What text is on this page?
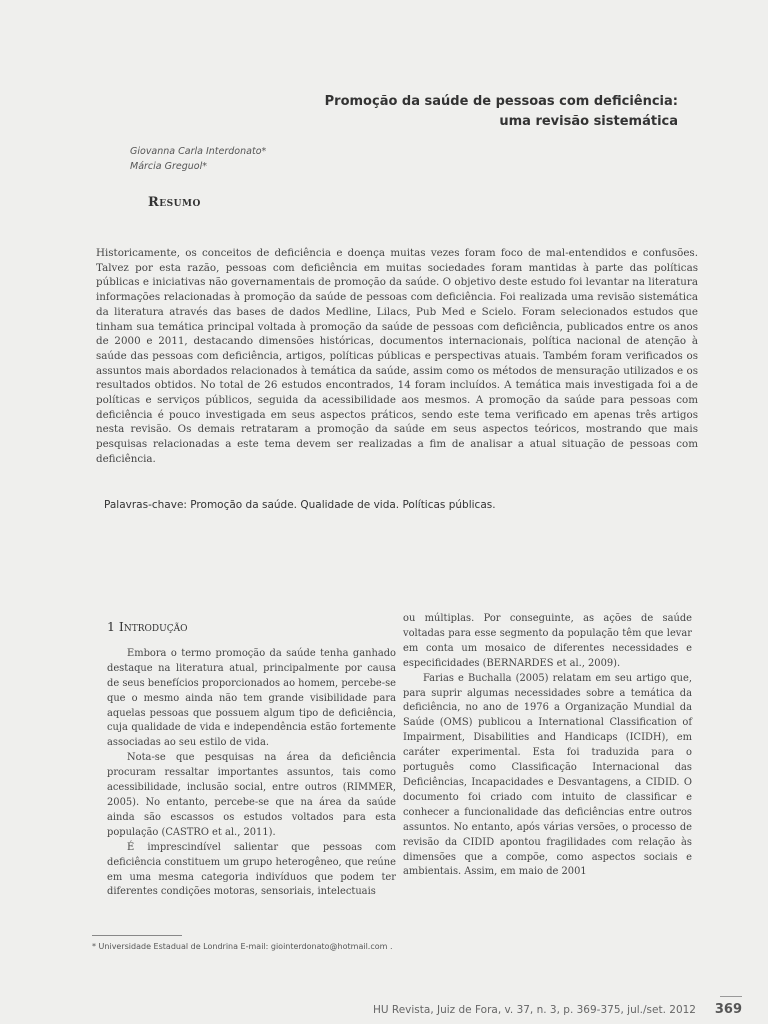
Promoção da saúde de pessoas com deficiência:
uma revisão sistemática
Giovanna Carla Interdonato*
Márcia Greguol*
Resumo
Historicamente, os conceitos de deficiência e doença muitas vezes foram foco de mal-entendidos e confusões. Talvez por esta razão, pessoas com deficiência em muitas sociedades foram mantidas à parte das políticas públicas e iniciativas não governamentais de promoção da saúde. O objetivo deste estudo foi levantar na literatura informações relacionadas à promoção da saúde de pessoas com deficiência. Foi realizada uma revisão sistemática da literatura através das bases de dados Medline, Lilacs, Pub Med e Scielo. Foram selecionados estudos que tinham sua temática principal voltada à promoção da saúde de pessoas com deficiência, publicados entre os anos de 2000 e 2011, destacando dimensões históricas, documentos internacionais, política nacional de atenção à saúde das pessoas com deficiência, artigos, políticas públicas e perspectivas atuais. Também foram verificados os assuntos mais abordados relacionados à temática da saúde, assim como os métodos de mensuração utilizados e os resultados obtidos. No total de 26 estudos encontrados, 14 foram incluídos. A temática mais investigada foi a de políticas e serviços públicos, seguida da acessibilidade aos mesmos. A promoção da saúde para pessoas com deficiência é pouco investigada em seus aspectos práticos, sendo este tema verificado em apenas três artigos nesta revisão. Os demais retrataram a promoção da saúde em seus aspectos teóricos, mostrando que mais pesquisas relacionadas a este tema devem ser realizadas a fim de analisar a atual situação de pessoas com deficiência.
Palavras-chave: Promoção da saúde. Qualidade de vida. Políticas públicas.
1 Introdução

Embora o termo promoção da saúde tenha ganhado destaque na literatura atual, principalmente por causa de seus benefícios proporcionados ao homem, percebe-se que o mesmo ainda não tem grande visibilidade para aquelas pessoas que possuem algum tipo de deficiência, cuja qualidade de vida e independência estão fortemente associadas ao seu estilo de vida.

Nota-se que pesquisas na área da deficiência procuram ressaltar importantes assuntos, tais como acessibilidade, inclusão social, entre outros (RIMMER, 2005). No entanto, percebe-se que na área da saúde ainda são escassos os estudos voltados para esta população (CASTRO et al., 2011).

É imprescindível salientar que pessoas com deficiência constituem um grupo heterogêneo, que reúne em uma mesma categoria indivíduos que podem ter diferentes condições motoras, sensoriais, intelectuais

ou múltiplas. Por conseguinte, as ações de saúde voltadas para esse segmento da população têm que levar em conta um mosaico de diferentes necessidades e especificidades (BERNARDES et al., 2009).

Farias e Buchalla (2005) relatam em seu artigo que, para suprir algumas necessidades sobre a temática da deficiência, no ano de 1976 a Organização Mundial da Saúde (OMS) publicou a International Classification of Impairment, Disabilities and Handicaps (ICIDH), em caráter experimental. Esta foi traduzida para o português como Classificação Internacional das Deficiências, Incapacidades e Desvantagens, a CIDID. O documento foi criado com intuito de classificar e conhecer a funcionalidade das deficiências entre outros assuntos. No entanto, após várias versões, o processo de revisão da CIDID apontou fragilidades com relação às dimensões que a compõe, como aspectos sociais e ambientais. Assim, em maio de 2001

* Universidade Estadual de Londrina E-mail: giointerdonato@hotmail.com .
HU Revista, Juiz de Fora, v. 37, n. 3, p. 369-375, jul./set. 2012 369
